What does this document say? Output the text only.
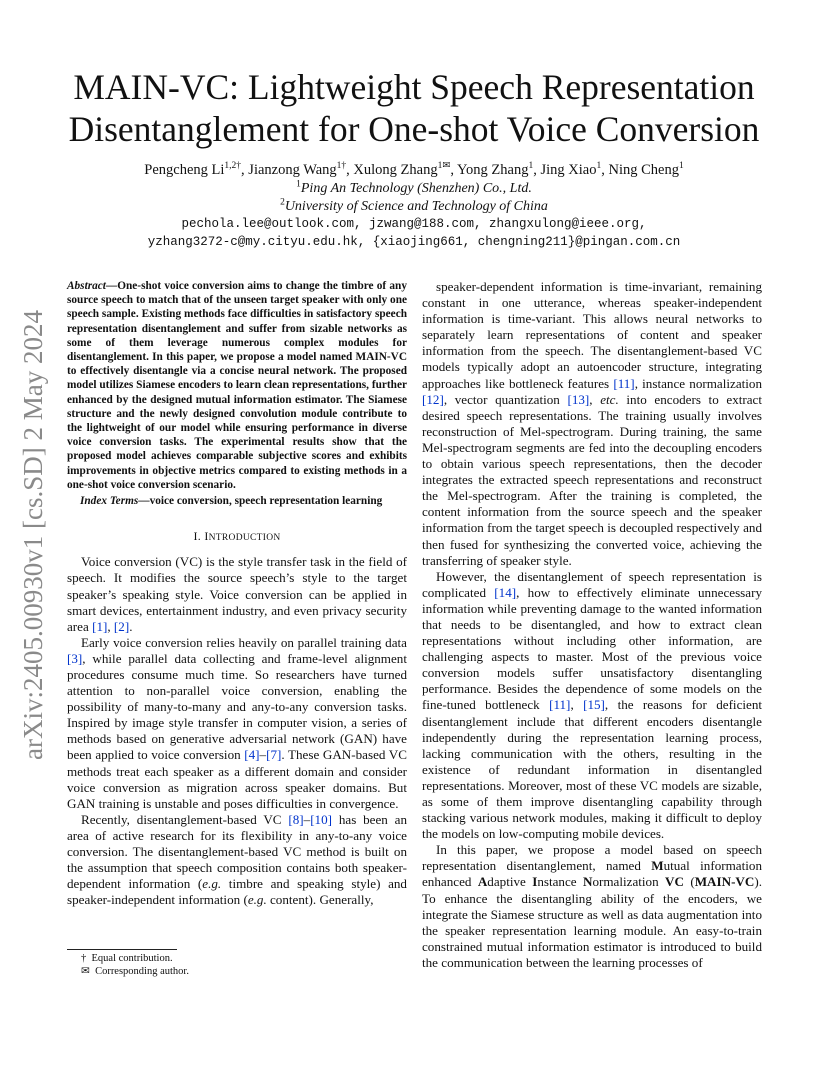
arXiv:2405.00930v1 [cs.SD] 2 May 2024
MAIN-VC: Lightweight Speech Representation
Disentanglement for One-shot Voice Conversion
Pengcheng $Li^{1,2\dagger}$, Jianzong Wang$^{1\dagger}$, Xulong Zhang$^{1✉}$, Yong Zhang$^1$, Jing Xiao$^1$, Ning Cheng$^1$
$^1$Ping An Technology (Shenzhen) Co., Ltd.
$^2$University of Science and Technology of China
pechola.lee@outlook.com, jzwang@188.com, zhangxulong@ieee.org,
yzhang3272-c@my.cityu.edu.hk, {xiaojing661, chengning211}@pingan.com.cn

Abstract—One-shot voice conversion aims to change the timbre of any source speech to match that of the unseen target speaker with only one speech sample. Existing methods face difficulties in satisfactory speech representation disentanglement and suffer from sizable networks as some of them leverage numerous complex modules for disentanglement. In this paper, we propose a model named MAIN-VC to effectively disentangle via a concise neural network. The proposed model utilizes Siamese encoders to learn clean representations, further enhanced by the designed mutual information estimator. The Siamese structure and the newly designed convolution module contribute to the lightweight of our model while ensuring performance in diverse voice conversion tasks. The experimental results show that the proposed model achieves comparable subjective scores and exhibits improvements in objective metrics compared to existing methods in a one-shot voice conversion scenario.

Index Terms—voice conversion, speech representation learning

I. INTRODUCTION

Voice conversion (VC) is the style transfer task in the field of speech. It modifies the source speech’s style to the target speaker’s speaking style. Voice conversion can be applied in smart devices, entertainment industry, and even privacy security area [1], [2].

Early voice conversion relies heavily on parallel training data [3], while parallel data collecting and frame-level alignment procedures consume much time. So researchers have turned attention to non-parallel voice conversion, enabling the possibility of many-to-many and any-to-any conversion tasks. Inspired by image style transfer in computer vision, a series of methods based on generative adversarial network (GAN) have been applied to voice conversion [4]–[7]. These GAN-based VC methods treat each speaker as a different domain and consider voice conversion as migration across speaker domains. But GAN training is unstable and poses difficulties in convergence.

Recently, disentanglement-based VC [8]–[10] has been an area of active research for its flexibility in any-to-any voice conversion. The disentanglement-based VC method is built on the assumption that speech composition contains both speaker-dependent information (e.g. timbre and speaking style) and speaker-independent information (e.g. content). Generally,

speaker-dependent information is time-invariant, remaining constant in one utterance, whereas speaker-independent information is time-variant. This allows neural networks to separately learn representations of content and speaker information from the speech. The disentanglement-based VC models typically adopt an autoencoder structure, integrating approaches like bottleneck features [11], instance normalization [12], vector quantization [13], etc. into encoders to extract desired speech representations. The training usually involves reconstruction of Mel-spectrogram. During training, the same Mel-spectrogram segments are fed into the decoupling encoders to obtain various speech representations, then the decoder integrates the extracted speech representations and reconstruct the Mel-spectrogram. After the training is completed, the content information from the source speech and the speaker information from the target speech is decoupled respectively and then fused for synthesizing the converted voice, achieving the transferring of speaker style.

However, the disentanglement of speech representation is complicated [14], how to effectively eliminate unnecessary information while preventing damage to the wanted information that needs to be disentangled, and how to extract clean representations without including other information, are challenging aspects to master. Most of the previous voice conversion models suffer unsatisfactory disentangling performance. Besides the dependence of some models on the fine-tuned bottleneck [11], [15], the reasons for deficient disentanglement include that different encoders disentangle independently during the representation learning process, lacking communication with the others, resulting in the existence of redundant information in disentangled representations. Moreover, most of these VC models are sizable, as some of them improve disentangling capability through stacking various network modules, making it difficult to deploy the models on low-computing mobile devices.

In this paper, we propose a model based on speech representation disentanglement, named Mutual information enhanced Adaptive Instance Normalization VC (MAIN-VC). To enhance the disentangling ability of the encoders, we integrate the Siamese structure as well as data augmentation into the speaker representation learning module. An easy-to-train constrained mutual information estimator is introduced to build the communication between the learning processes of

† Equal contribution.
✉ Corresponding author.
